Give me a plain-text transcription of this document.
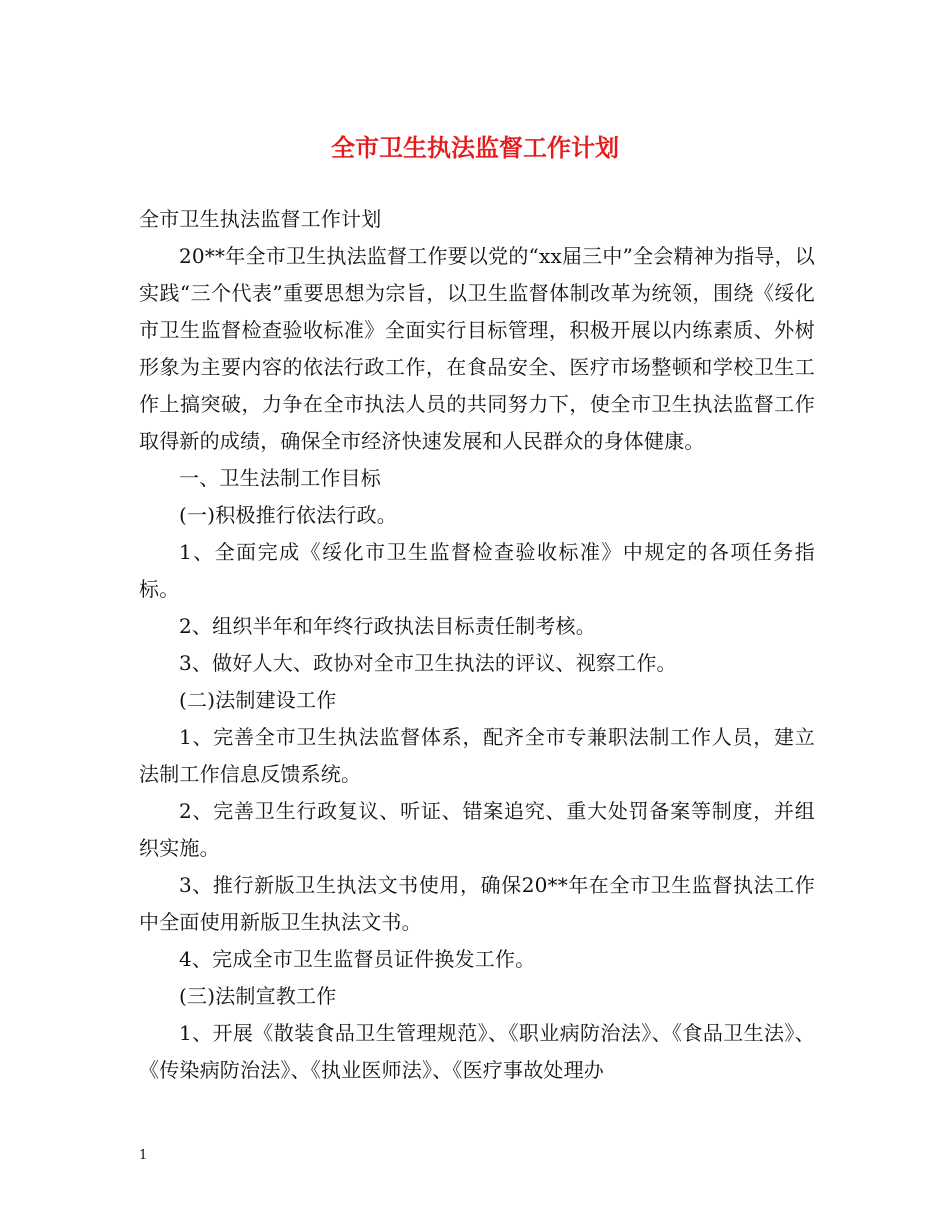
全市卫生执法监督工作计划

全市卫生执法监督工作计划

20**年全市卫生执法监督工作要以党的“xx届三中”全会精神为指导，以实践“三个代表”重要思想为宗旨，以卫生监督体制改革为统领，围绕《绥化市卫生监督检查验收标准》全面实行目标管理，积极开展以内练素质、外树形象为主要内容的依法行政工作，在食品安全、医疗市场整顿和学校卫生工作上搞突破，力争在全市执法人员的共同努力下，使全市卫生执法监督工作取得新的成绩，确保全市经济快速发展和人民群众的身体健康。

一、卫生法制工作目标

(一)积极推行依法行政。

1、全面完成《绥化市卫生监督检查验收标准》中规定的各项任务指标。

2、组织半年和年终行政执法目标责任制考核。

3、做好人大、政协对全市卫生执法的评议、视察工作。

(二)法制建设工作

1、完善全市卫生执法监督体系，配齐全市专兼职法制工作人员，建立法制工作信息反馈系统。

2、完善卫生行政复议、听证、错案追究、重大处罚备案等制度，并组织实施。

3、推行新版卫生执法文书使用，确保20**年在全市卫生监督执法工作中全面使用新版卫生执法文书。

4、完成全市卫生监督员证件换发工作。

(三)法制宣教工作

1、开展《散装食品卫生管理规范》、《职业病防治法》、《食品卫生法》、《传染病防治法》、《执业医师法》、《医疗事故处理办

1
